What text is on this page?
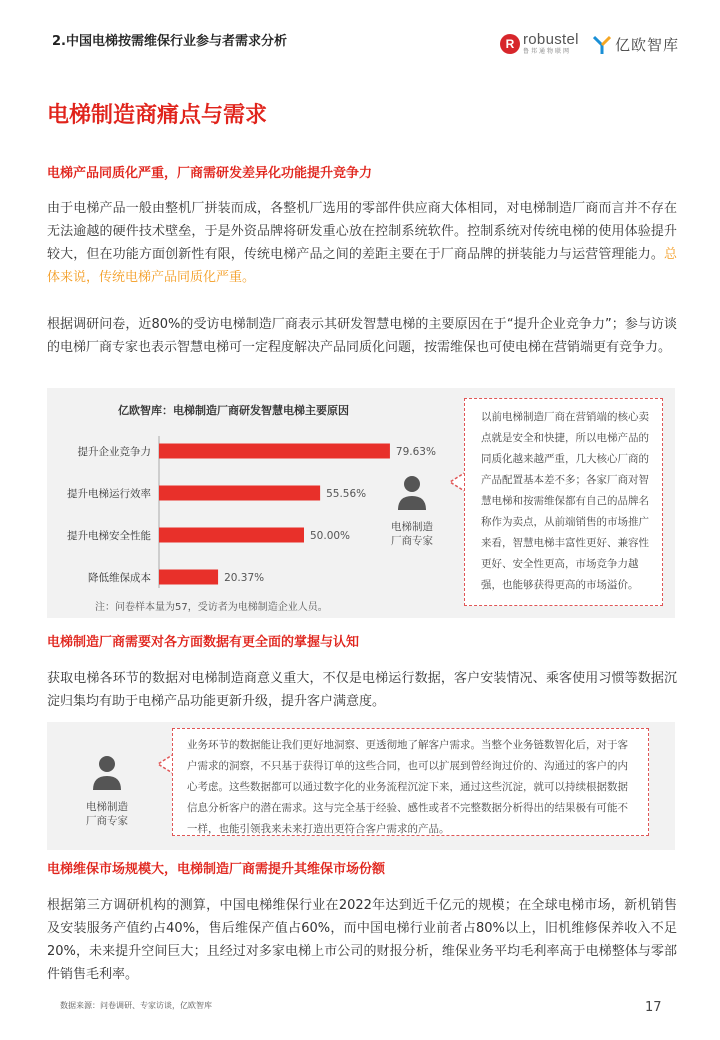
2.中国电梯按需维保行业参与者需求分析	R robustel
鲁邦通物联网	亿欧智库
电梯制造商痛点与需求
电梯产品同质化严重，厂商需研发差异化功能提升竞争力
由于电梯产品一般由整机厂拼装而成，各整机厂选用的零部件供应商大体相同，对电梯制造厂商而言并不存在无法逾越的硬件技术壁垒，于是外资品牌将研发重心放在控制系统软件。控制系统对传统电梯的使用体验提升较大，但在功能方面创新性有限，传统电梯产品之间的差距主要在于厂商品牌的拼装能力与运营管理能力。总体来说，传统电梯产品同质化严重。
根据调研问卷，近80%的受访电梯制造厂商表示其研发智慧电梯的主要原因在于“提升企业竞争力”；参与访谈的电梯厂商专家也表示智慧电梯可一定程度解决产品同质化问题，按需维保也可使电梯在营销端更有竞争力。
亿欧智库：电梯制造厂商研发智慧电梯主要原因
提升企业竞争力	79.63%
提升电梯运行效率	55.56%
提升电梯安全性能	50.00%
降低维保成本	20.37%
注：问卷样本量为57，受访者为电梯制造企业人员。
电梯制造
厂商专家
以前电梯制造厂商在营销端的核心卖点就是安全和快捷，所以电梯产品的同质化越来越严重，几大核心厂商的产品配置基本差不多；各家厂商对智慧电梯和按需维保都有自己的品牌名称作为卖点，从前端销售的市场推广来看，智慧电梯丰富性更好、兼容性更好、安全性更高，市场竞争力越强，也能够获得更高的市场溢价。
电梯制造厂商需要对各方面数据有更全面的掌握与认知
获取电梯各环节的数据对电梯制造商意义重大，不仅是电梯运行数据，客户安装情况、乘客使用习惯等数据沉淀归集均有助于电梯产品功能更新升级，提升客户满意度。
电梯制造
厂商专家
业务环节的数据能让我们更好地洞察、更透彻地了解客户需求。当整个业务链数智化后，对于客户需求的洞察，不只基于获得订单的这些合同，也可以扩展到曾经询过价的、沟通过的客户的内心考虑。这些数据都可以通过数字化的业务流程沉淀下来，通过这些沉淀，就可以持续根据数据信息分析客户的潜在需求。这与完全基于经验、感性或者不完整数据分析得出的结果极有可能不一样，也能引领我来未来打造出更符合客户需求的产品。
电梯维保市场规模大，电梯制造厂商需提升其维保市场份额
根据第三方调研机构的测算，中国电梯维保行业在2022年达到近千亿元的规模；在全球电梯市场，新机销售及安装服务产值约占40%，售后维保产值占60%，而中国电梯行业前者占80%以上，旧机维修保养收入不足20%，未来提升空间巨大；且经过对多家电梯上市公司的财报分析，维保业务平均毛利率高于电梯整体与零部件销售毛利率。
数据来源：问卷调研、专家访谈，亿欧智库	17
